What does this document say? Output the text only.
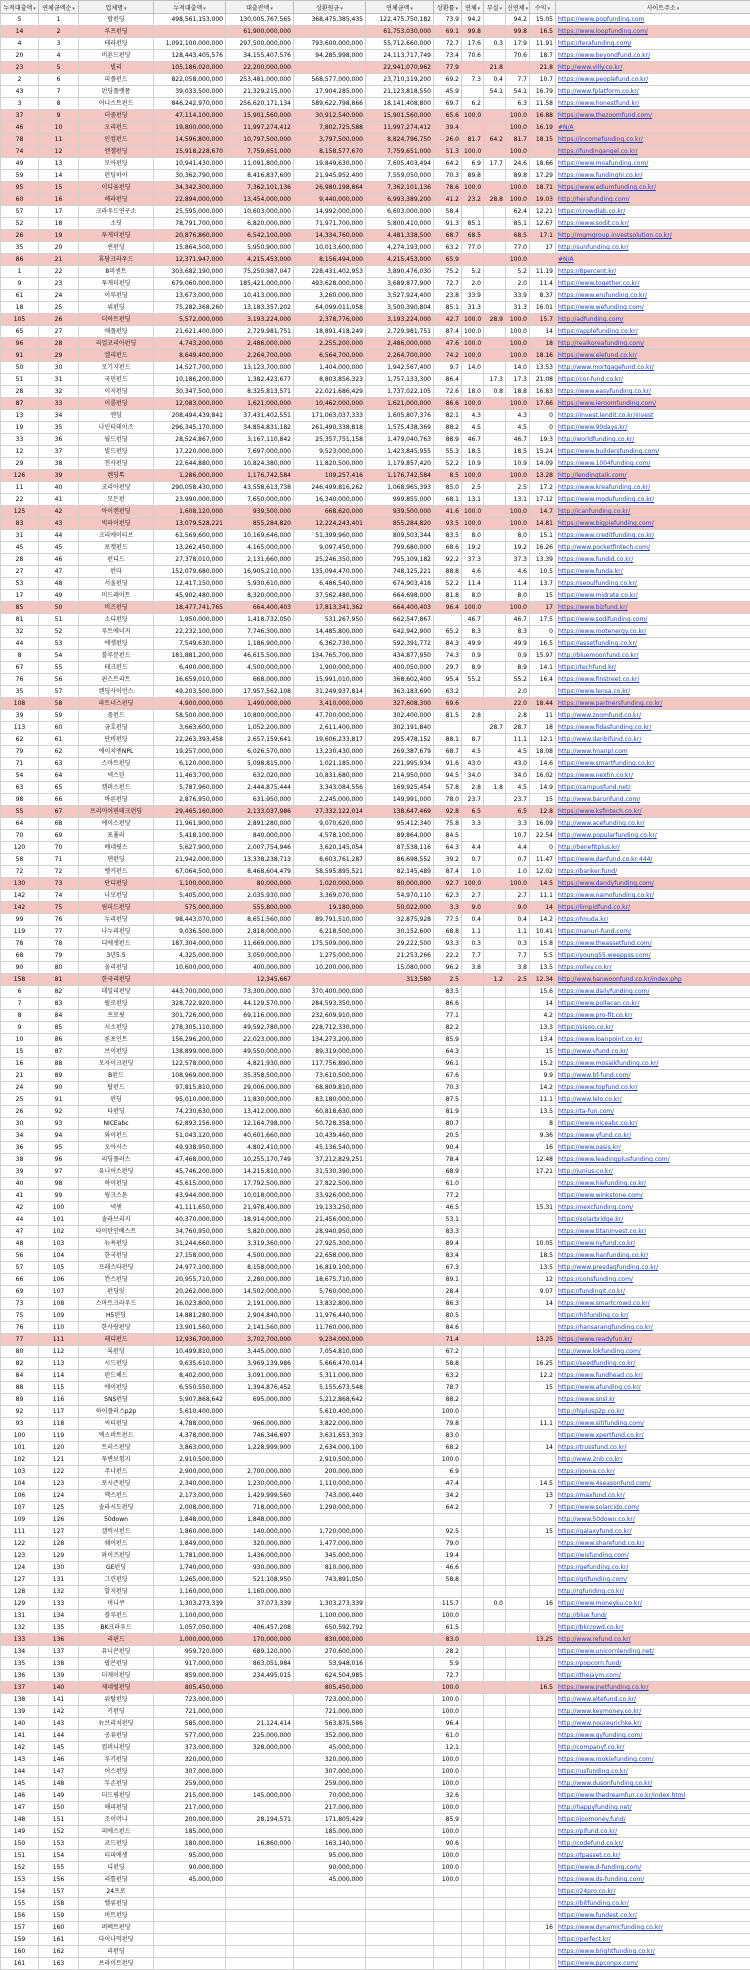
누적대출액▾	연체금액순▾	업체명▾	누적대출액▾	대출잔액▾	상환원금▾	연체금액▾	상환률▾	연체▾	부실▾	신연체▾	수익▾	사이트주소▾
5	1	팝펀딩	498,561,153,000	130,005,767,565	368,475,385,435	122,475,750,182	73.9	94.2		94.2	15.05	https://www.popfunding.com
14	2	루프펀딩		61,900,000,000		61,753,030,000	69.1	99.8		99.8	16.5	https://www.loopfunding.com/
4	3	테라펀딩	1,091,100,000,000	297,500,000,000	793,600,000,000	55,712,660,000	72.7	17.6	0.3	17.9	11.91	https://terafunding.com/
20	4	비욘드펀딩	128,443,405,576	34,155,407,576	94,285,998,000	24,113,717,749	73.4	70.6		70.6	18.7	https://www.beyondfund.co.kr/
23	5	빌리	105,186,020,000	22,200,000,000		22,941,070,962	77.9		21.8		21.8	http://www.villy.co.kr/
2	6	피플펀드	822,058,000,000	253,481,000,000	568,577,000,000	23,710,119,200	69.2	7.3	0.4	7.7	10.7	https://www.peoplefund.co.kr/
43	7	펀딩플랫폼	39,033,500,000	21,329,215,000	17,904,285,000	21,123,818,550	45.9		54.1	54.1	16.79	http://www.fplatform.co.kr/
3	8	어니스트펀드	846,242,970,000	256,620,171,134	589,622,798,866	18,141,408,800	69.7	6.2		6.3	11.58	https://www.honestfund.kr/
37	9	더줌펀딩	47,114,100,000	15,901,560,000	30,912,540,000	15,901,560,000	65.6	100.0		100.0	16.88	https://www.thezoomfund.com/
46	10	오리펀드	19,800,000,000	11,997,274,412	7,802,725,588	11,997,274,412	39.4			100.0	16.19	#N/A
78	11	인컴펀드	14,596,800,000	10,797,500,000	3,797,500,000	8,824,796,750	26.0	81.7	64.2	81.7	18.15	https://incomefunding.co.kr/
74	12	엔젤펀딩	15,918,228,670	7,759,651,000	8,158,577,670	7,759,651,000	51.3	100.0		100.0		https://fundingangel.co.kr/
49	13	모아펀딩	10,941,430,000	11,091,800,000	19,849,630,000	7,605,403,494	64.2	6.9	17.7	24.6	18.66	https://www.moafunding.com/
59	14	펀딩하이	30,362,790,000	8,416,837,600	21,945,952,400	7,559,050,000	70.3	89.8		89.8	17.29	https://www.fundinghi.co.kr/
95	15	이디움펀딩	34,342,300,000	7,362,101,136	26,980,198,864	7,362,101,136	78.6	100.0		100.0	18.71	https://www.ediumfunding.co.kr/
60	16	헤라펀딩	22,894,000,000	13,454,000,000	9,440,000,000	6,993,389,200	41.2	23.2	28.8	100.0	19.03	http://herafunding.com/
57	17	크라우드연구소	25,595,000,000	10,603,000,000	14,992,000,000	6,603,000,000	58.4			62.4	12.21	https://crowdlab.co.kr/
52	18	소딧	78,791,700,000	6,820,000,000	71,971,700,000	5,800,410,000	91.3	85.1		85.1	12.67	https://www.sodit.co.kr/
26	19	투게더펀딩	20,876,860,000	6,542,100,000	14,334,760,000	4,481,338,500	68.7	68.5		68.5	17.1	http://mgmgroup.investsolution.co.kr/
35	20	썬펀딩	15,864,500,000	5,950,900,000	10,013,600,000	4,274,193,000	63.2	77.0		77.0	17	http://sunfunding.co.kr/
86	21	휴담크라우드	12,371,947,000	4,215,453,000	8,156,494,000	4,215,453,000	65.9			100.0		#N/A
1	22	8퍼센트	303,682,190,000	75,250,987,047	228,431,402,953	3,890,476,030	75.2	5.2		5.2	11.19	https://8percent.kr/
9	23	투게더펀딩	679,060,000,000	185,421,000,000	493,628,000,000	3,689,877,900	72.7	2.0		2.0	11.4	https://www.together.co.kr/
61	24	이루펀딩	13,673,000,000	10,413,000,000	3,260,000,000	3,527,924,400	23.8	33.9		33.9	8.37	https://www.erufunding.co.kr/
18	25	위펀딩	75,282,368,260	13,183,357,202	64,099,011,058	3,500,390,804	85.1	31.3		31.3	16.01	https://www.wefunding.com/
105	26	더하트펀딩	5,572,000,000	3,193,224,000	2,378,776,000	3,193,224,000	42.7	100.0	28.9	100.0	15.7	http://adfunding.com/
65	27	애플펀딩	21,621,400,000	2,729,981,751	18,891,418,249	2,729,981,751	87.4	100.0		100.0	14	https://applefunding.co.kr/
96	28	리얼코리아펀딩	4,743,200,000	2,486,000,000	2,255,200,000	2,486,000,000	47.6	100.0		100.0	18	http://realkoreafunding.com/
91	29	엘리펀드	8,649,400,000	2,264,700,000	6,564,700,000	2,264,700,000	74.2	100.0		100.0	18.16	https://www.elefund.co.kr/
50	30	모기지펀드	14,527,700,000	13,123,700,000	1,404,000,000	1,942,567,400	9.7	14.0		14.0	13.53	http://www.mortgagefund.co.kr/
51	31	국민펀드	10,186,200,000	1,382,423,677	8,803,856,323	1,757,133,300	86.4		17.3	17.3	21.08	https://cor-fund.co.kr/
28	32	이지펀딩	30,347,500,000	8,325,813,571	22,021,686,429	1,737,022,105	72.6	18.0	0.8	18.8	16.83	https://www.easyfunding.co.kr/
87	33	이룸펀딩	12,083,000,000	1,621,000,000	10,462,000,000	1,621,000,000	86.6	100.0		100.0	17.66	https://www.ieroomfunding.com/
13	34	엔딩	208,494,439,841	37,431,402,551	171,063,037,333	1,605,807,376	82.1	4.3		4.3	0	https://invest.lendit.co.kr/invest
19	35	나인티데이즈	296,345,170,000	34,854,831,182	261,490,338,818	1,575,438,369	88.2	4.5		4.5	0	https://www.90days.kr/
33	36	월드펀딩	28,524,867,000	3,167,110,842	25,357,751,158	1,479,040,763	88.9	46.7		46.7	19.3	http://worldfunding.co.kr/
12	37	빌드펀딩	17,220,000,000	7,697,000,000	9,523,000,000	1,423,845,955	55.3	18.5		18.5	15.24	https://www.buildersfunding.com/
29	38	천사펀딩	22,644,880,000	10,824,380,000	11,820,500,000	1,179,857,420	52.2	10.9		10.9	14.09	https://www.1004funding.com/
126	39	렌딩톡	1,286,000,000	1,176,742,584	109,257,416	1,176,742,584	8.5	100.0		100.0	13.28	http://lendingtalk.com/
11	40	코리아펀딩	290,058,430,000	43,558,613,738	246,499,816,262	1,068,965,393	85.0	2.5		2.5	17.2	https://www.kreafunding.co.kr/
22	41	모든펀	23,990,000,000	7,650,000,000	16,340,000,000	999,855,000	68.1	13.1		13.1	17.12	https://www.modufunding.co.kr/
125	42	아이캔펀딩	1,608,120,000	939,500,000	668,620,000	939,500,000	41.6	100.0		100.0	14.7	http://icanfunding.co.kr/
83	43	빅파이펀딩	13,079,528,221	855,284,820	12,224,243,401	855,284,820	93.5	100.0		100.0	14.81	https://www.bigpiefunding.com/
31	44	크리에이티브	61,569,600,000	10,169,646,000	51,399,960,000	809,503,344	83.5	8.0		8.0	15.1	https://www.creditfunding.co.kr/
45	45	포켓펀드	13,262,450,000	4,165,000,000	9,097,450,000	799,680,000	68.6	19.2		19.2	16.26	http://www.pocketfintech.com/
28	46	펀디드	27,378,010,000	2,131,660,000	25,246,350,000	795,109,182	92.2	37.3		37.3	13.39	https://www.fundid.co.kr/
27	47	펀다	152,079,680,000	16,905,210,000	135,094,470,000	748,125,221	88.8	4.6		4.6	10.5	https://www.funda.kr/
53	48	서울펀딩	12,417,150,000	5,930,610,000	6,486,540,000	674,903,418	52.2	11.4		11.4	13.7	https://seoulfunding.co.kr/
17	49	미드레이트	45,902,480,000	8,320,000,000	37,562,480,000	664,698,000	81.8	8.0		8.0	15	https://www.midrate.co.kr/
85	50	비즈펀딩	18,477,741,765	664,400,403	17,813,341,362	664,400,403	96.4	100.0		100.0	17	https://www.bizfund.kr/
81	51	소디펀딩	1,950,000,000	1,418,732,050	531,267,950	662,547,867		46.7		46.7	17.5	https://www.sodifunding.com/
32	52	루트에너지	22,232,100,000	7,746,300,000	14,485,800,000	642,942,900	65.2	8.3		8.3	0	https://www.rootenergy.co.kr/
44	53	에셋펀딩	7,549,630,000	1,186,900,000	6,362,730,000	592,391,772	84.3	49.9		49.9	16.5	https://assetfunding.co.kr/
8	54	블루문펀드	181,881,200,000	46,615,500,000	134,765,700,000	434,877,950	74.3	0.9		0.9	15.97	http://bluemoonfund.co.kr/
67	55	테크펀드	6,400,000,000	4,500,000,000	1,900,000,000	400,050,000	29.7	8.9		8.9	14.1	https://techfund.kr/
76	56	핀스트리트	16,659,010,000	668,000,000	15,991,010,000	368,602,400	95.4	55.2		55.2	16.4	https://www.finstreet.co.kr/
35	57	렌딩사이언스	49,203,500,000	17,957,562,108	31,249,937,814	363,183,690	63.2			2.0		https://www.lensa.co.kr/
108	58	파트너스펀딩	4,900,000,000	1,490,000,000	3,410,000,000	327,608,300	69.6			22.0	18.44	https://www.partnersfunding.co.kr/
39	59	줌펀드	58,500,000,000	10,800,000,000	47,700,000,000	302,400,000	81.5	2.8		2.8	11	http://www.zoomfund.co.kr/
113	60	금호펀딩	3,663,600,000	1,052,200,000	2,611,400,000	302,191,840			28.7	28.7	18	https://www.fidasfunding.co.kr/
62	61	단비펀딩	22,263,393,458	2,657,159,641	19,606,233,817	295,478,152	88.1	8.7		11.1	12.1	http://www.danbifund.co.kr/
79	62	에이치엔NPL	19,257,000,000	6,026,570,000	13,230,430,000	269,387,679	68.7	4.5		4.5	18.08	http://www.hnanpl.com
71	63	스마트펀딩	6,120,000,000	5,098,815,000	1,021,185,000	221,995,934	91.6	43.0		43.0	14.6	https://www.smartfunding.co.kr/
54	64	넥스틴	11,463,700,000	632,020,000	10,831,680,000	214,950,000	94.5	34.0		34.0	16.02	https://www.nextin.co.kr/
63	65	캠퍼스펀드	5,787,960,000	2,444,875,444	3,343,084,556	169,925,454	57.8	2.8	1.8	4.5	14.9	https://campusfund.net/
98	66	바른펀딩	2,876,950,000	631,950,000	2,245,000,000	149,991,000	78.0	23.7		23.7	15	http://www.barunfund.com/
55	67	프리미어핀테크펀딩	29,465,160,000	2,133,037,986	27,332,122,014	138,647,469	92.8	6.5		6.5	12.8	https://www.ksfintech.co.kr/
64	68	에이스펀딩	11,961,900,000	2,891,280,000	9,070,620,000	95,412,340	75.8	3.3		3.3	16.09	http://www.acefunding.co.kr/
70	69	포퓰러	5,418,100,000	840,000,000	4,578,100,000	89,864,000	84.5			10.7	22.54	http://www.popularfunding.co.kr/
120	70	베네핏스	5,627,900,000	2,007,754,946	3,620,145,054	87,538,116	64.3	4.4		4.4	0	http://benefitplus.kr/
58	71	댄펀딩	21,942,000,000	13,338,238,713	8,603,761,287	86,698,552	39.2	0.7		0.7	11.47	https://www.danfund.co.kr:444/
72	72	뱅커펀드	67,064,500,000	8,468,604,479	58,595,895,521	82,145,489	87.4	1.0		1.0	12.02	https://banker.fund/
130	73	단디펀딩	1,100,000,000	80,000,000	1,020,000,000	80,000,000	92.7	100.0		100.0	14.5	https://www.dandyfunding.com/
142	74	나모펀딩	5,405,000,000	2,035,930,000	3,369,070,000	54,970,110	62.3	2.7		2.7	11.1	https://www.namofunding.co.kr/
142	75	림피드펀딩	575,000,000	555,800,000	19,180,000	50,022,000	3.3	9.0		9.0	14	https://limpidfund.co.kr/
99	76	누리펀딩	98,443,070,000	8,651,560,000	89,791,510,000	32,875,928	77.5	0.4		0.4	14.2	https://hnuda.kr/
119	77	나누리펀딩	9,036,500,000	2,818,000,000	6,218,500,000	30,152,600	68.8	1.1		1.1	10.41	https://nanuri-fund.com/
78	78	디에셋펀드	187,304,000,000	11,669,000,000	175,509,000,000	29,222,500	93.3	0.3		0.3	15.8	https://www.theassetfund.com/
68	79	3년5.5	4,325,000,000	3,050,000,000	1,275,000,000	21,253,266	22.2	7.7		7.7	5.5	https://young55.weeppss.com/
90	80	올리펀딩	10,600,000,000	400,000,000	10,200,000,000	15,080,000	96.2	3.8		3.8	13.5	https://olley.co.kr/
158	81	한국리펀딩		12,345,667		313,580	2.5		1.2	2.5	12.34	http://www.hanwoonfund.co.kr/index.php
6	82	데일리펀딩	443,700,000,000	73,300,000,000	370,400,000,000		83.5				15.6	https://www.dailyfunding.com/
7	83	펄로펀딩	328,722,920,000	44,129,570,000	284,593,350,000		86.6				14	https://www.pollacan.co.kr/
8	84	프로핏	301,726,000,000	69,116,000,000	232,609,910,000		77.1				4.2	https://www.pro-fit.co.kr/
9	85	시소펀딩	278,305,110,000	49,592,780,000	228,712,330,000		82.2				13.3	https://sisoo.co.kr/
10	86	론포인트	156,296,200,000	22,023,000,000	134,273,200,000		85.9				13.4	https://www.loanpoint.co.kr/
15	87	브이펀딩	138,899,000,000	49,550,000,000	89,319,000,000		64.3				15	http://www.vfund.co.kr/
16	88	모자이크펀딩	122,578,000,000	4,821,930,000	117,756,890,000		96.1				15.2	https://www.mosaikfunding.co.kr/
21	89	B펀드	108,969,000,000	35,358,500,000	73,610,500,000		67.6				9.9	http://www.bf-fund.com/
24	90	탑펀드	97,815,810,000	29,006,000,000	68,809,810,000		70.3				14.2	https://www.topfund.co.kr/
25	91	펀딩	95,010,000,000	11,830,000,000	83,180,000,000		87.5				11.1	http://www.lelo.co.kr/
26	92	타펀딩	74,230,630,000	13,412,000,000	60,818,630,000		81.9				13.5	https://ta-fun.com/
30	93	NICEabc	62,893,156,000	12,164,798,000	50,728,358,000		80.7				8	https://www.niceabc.co.kr/
34	94	와이펀드	51,043,120,000	40,601,660,000	10,439,460,000		20.5				9.36	https://www.yfund.co.kr/
36	95	오아시스	49,938,950,000	4,802,410,000	45,136,540,000		90.4				16	https://www.oasis.kr/
38	96	리딩플러스	47,468,000,000	10,255,170,749	37,212,829,251		78.4				12.48	https://www.leadingplusfunding.com/
39	97	유니어스펀딩	45,746,200,000	14,215,810,000	31,530,390,000		68.9				17.21	http://junius.co.kr/
40	98	하이펀딩	45,615,000,000	17,792,500,000	27,822,500,000		61.0					https://www.hiefunding.co.kr/
41	99	윙크스톤	43,944,000,000	10,018,000,000	33,926,000,000		77.2					https://www.winkstone.com/
42	100	넥센	41,111,650,000	21,978,400,000	19,133,250,000		46.5				15.31	https://nexcfunding.com/
44	101	솔라브리지	40,370,000,000	18,914,000,000	21,456,000,000		53.1					https://solarbridge.kr/
47	102	타이탄인베스트	34,760,950,000	5,820,000,000	28,940,950,000		83.3					https://www.titaninvest.co.kr/
48	103	뉴욕펀딩	31,244,660,000	3,319,360,000	27,925,300,000		89.4				10.05	https://www.nyfund.co.kr/
56	104	한국펀딩	27,158,000,000	4,500,000,000	22,658,000,000		83.4				18.5	https://www.hanfunding.co.kr/
57	105	프레스타펀딩	24,977,100,000	8,158,000,000	16,819,100,000		67.3				13.5	http://www.presdaqfunding.co.kr/
66	106	컨스펀딩	20,955,710,000	2,280,000,000	18,675,710,000		89.1				12	https://consfunding.com/
69	107	펀딩잇	20,262,000,000	14,502,000,000	5,760,000,000		28.4				9.07	https://fundingit.co.kr/
73	108	스마트크라우드	16,023,800,000	2,191,000,000	13,832,800,000		86.3				14	https://www.smartcrowd.co.kr/
75	109	H5펀딩	14,881,280,000	2,904,840,000	11,976,440,000		80.5					https://h5funding.co.kr/
76	110	한사랑펀딩	13,901,560,000	2,141,560,000	11,760,000,000		84.6					https://hansarangfunding.co.kr/
77	111	레디펀드	12,936,700,000	3,702,700,000	9,234,000,000		71.4				13.25	https://www.readyfun.kr/
80	112	록펀딩	10,499,810,000	3,445,000,000	7,054,810,000		67.2					http://www.lokfunding.com/
82	113	시드펀딩	9,635,610,000	3,969,139,986	5,666,470,014		58.8				16.25	https://seedfunding.co.kr/
84	114	펀드헤드	8,402,000,000	3,091,000,000	5,311,000,000		63.2				12.2	https://www.fundhead.co.kr/
88	115	에이펀딩	6,550,550,000	1,394,876,452	5,155,673,548		78.7				15	https://www.afunding.co.kr/
89	116	SNS펀딩	5,907,868,642	695,000,000	5,212,868,642		88.2					https://www.snsl.kr
92	117	하이플러스p2p	5,610,400,000		5,610,400,000		100.0					http://hiplusp2p.co.kr/
93	118	씨티펀딩	4,788,000,000	966,000,000	3,822,000,000		79.8				11.1	https://www.sitifunding.com/
100	119	엑스퍼트펀드	4,378,000,000	746,346,697	3,631,653,303		83.0					https://www.xpertfund.co.kr/
101	120	트러스펀딩	3,863,000,000	1,228,999,900	2,634,000,100		68.2				14	https://trussfund.co.kr/
102	121	투변보험지	2,910,500,000		2,910,500,000		100.0					http://www.2nb.co.kr/
103	122	주나펀드	2,900,000,000	2,700,000,000	200,000,000		6.9					https://joona.co.kr/
104	123	포시즌펀딩	2,340,000,000	1,230,000,000	1,110,000,000		47.4				14.5	https://www.4seasonfund.com/
106	124	맥스펀드	2,173,000,000	1,429,999,560	743,000,440		34.2				13	https://maxfund.co.kr/
107	125	솔라시도펀딩	2,008,000,000	718,000,000	1,290,000,000		64.2				7	https://www.solarcido.com/
109	126	50down	1,848,000,000	1,848,000,000								http://www.50down.co.kr/
111	127	갤럭시펀드	1,860,000,000	140,000,000	1,720,000,000		92.5				15	https://galaxyfund.co.kr/
122	128	쉐어펀드	1,849,000,000	320,000,000	1,477,000,000		79.0					https://www.sharefund.co.kr/
123	129	와이즈펀딩	1,781,000,000	1,436,000,000	345,000,000		19.4					https://wisfunding.com/
124	130	GE펀딩	1,740,000,000	930,000,000	810,000,000		46.6					https://gefunding.co.kr/
127	131	그린펀딩	1,265,000,000	521,108,950	743,891,050		58.8					https://grifunding.com/
128	132	알지펀딩	1,160,000,000	1,160,000,000								http://rgfunding.co.kr/
129	133	머니쿠	1,303,273,339	37,073,339	1,303,273,339		115.7		0.0		16	https://www.moneyku.co.kr/
131	134	블루펀드	1,100,000,000		1,100,000,000		100.0					http://blue.fund/
132	135	BK크라우드	1,057,050,000	406,457,208	650,592,792		61.5					https://bkcrowd.co.kr/
133	136	리핀드	1,000,000,000	170,000,000	830,000,000		83.0				13.25	http://www.refund.co.kr/
134	137	유니콘펀딩	959,720,000	689,120,000	270,600,000		28.2					https://www.unicornlending.net/
135	138	팝콘펀딩	917,000,000	863,051,984	53,948,016		5.9					https://popcorn.fund/
136	139	더제이펀딩	859,000,000	234,495,015	624,504,985		72.7					https://thejaym.com/
137	140	제네럴펀딩	805,450,000		805,450,000		100.0				16.5	https://www.jnetfunding.co.kr/
138	141	위탈펀딩	723,000,000		723,000,000		100.0					http://www.eltefund.co.kr/
139	142	키펀딩	721,000,000		721,000,000		100.0					http://www.keymoney.co.kr/
140	143	뉴브리치펀딩	585,000,000	21,124,414	563,875,586		96.4					http://www.noureurichke.kr/
141	144	공유펀딩	577,000,000	225,000,000	352,000,000		61.0					https://www.gyfunding.com/
142	145	컴퍼니펀딩	373,000,000	328,000,000	45,000,000		12.1					http://companyf.co.kr/
143	146	루키펀딩	320,000,000		320,000,000		100.0					https://www.rookiefunding.com/
144	147	어스펀딩	307,000,000		307,000,000		100.0					https://usfunding.co.kr/
145	148	두손펀딩	259,000,000		259,000,000		100.0					http://www.dusonfunding.co.kr/
146	149	더드림펀딩	215,000,000	145,000,000	70,000,000		32.6					https://www.thedreamfun.co.kr/index.html
147	150	해피펀딩	217,000,000		217,000,000		100.0					http://happyfunding.net/
148	151	조이머니	200,000,000	28,194,571	171,805,429		85.9					https://joomoney.fund/
149	152	피에스펀드	185,000,000		185,000,000		100.0					https://pifund.co.kr/
150	153	코드펀딩	180,000,000	16,860,000	163,140,000		90.6					http://codefund.co.kr/
151	154	티피애셋	95,000,000		95,000,000		100.0					https://tpasset.co.kr/
152	155	디펀딩	90,000,000		90,000,000		100.0					https://www.d-funding.com/
153	156	리틀펀딩	45,000,000		45,000,000		100.0					https://www.ds-funding.com/
154	157	24프로										https://24pro.co.kr/
155	158	밸류펀딩										https://bitfunding.co.kr/
156	159	비트펀딩										https://www.fundest.co.kr/
157	160	퍼펙트펀딩									16	https://www.dynamicfunding.co.kr/
159	161	다이나믹펀딩										https://perfect.kr/
160	162	리펀딩										https://www.brightfunding.co.kr/
161	163	브라이트펀딩										https://www.ppconpx.com/
